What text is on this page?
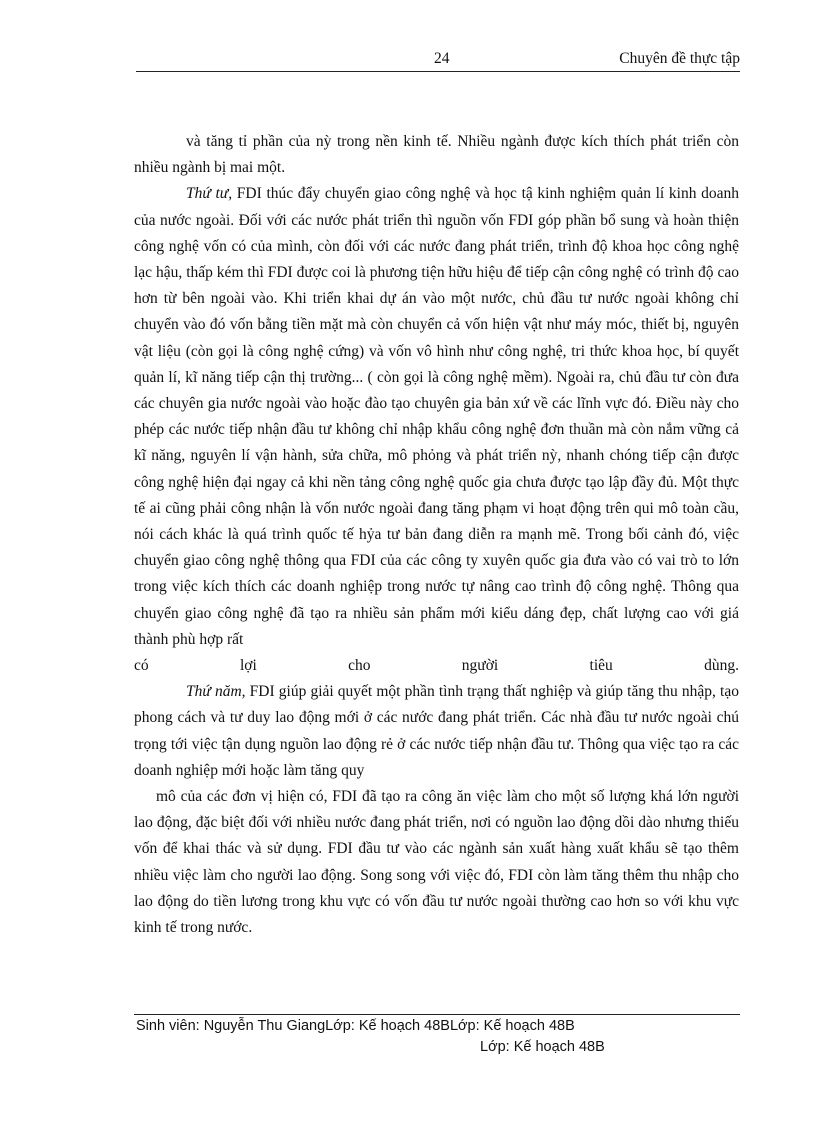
24	Chuyên đề thực tập

và tăng tỉ phần của nỳ trong nền kinh tế. Nhiều ngành được kích thích phát triển còn nhiều ngành bị mai một.

Thứ tư, FDI thúc đẩy chuyển giao công nghệ và học tậ kinh nghiệm quản lí kinh doanh của nước ngoài. Đối với các nước phát triển thì nguồn vốn FDI góp phần bổ sung và hoàn thiện công nghệ vốn có của mình, còn đối với các nước đang phát triển, trình độ khoa học công nghệ lạc hậu, thấp kém thì FDI được coi là phương tiện hữu hiệu để tiếp cận công nghệ có trình độ cao hơn từ bên ngoài vào. Khi triển khai dự án vào một nước, chủ đầu tư nước ngoài không chỉ chuyển vào đó vốn bằng tiền mặt mà còn chuyển cả vốn hiện vật như máy móc, thiết bị, nguyên vật liệu (còn gọi là công nghệ cứng) và vốn vô hình như công nghệ, tri thức khoa học, bí quyết quản lí, kĩ năng tiếp cận thị trường... ( còn gọi là công nghệ mềm). Ngoài ra, chủ đầu tư còn đưa các chuyên gia nước ngoài vào hoặc đào tạo chuyên gia bản xứ về các lĩnh vực đó. Điều này cho phép các nước tiếp nhận đầu tư không chỉ nhập khẩu công nghệ đơn thuần mà còn nắm vững cả kĩ năng, nguyên lí vận hành, sửa chữa, mô phỏng và phát triển nỳ, nhanh chóng tiếp cận được công nghệ hiện đại ngay cả khi nền tảng công nghệ quốc gia chưa được tạo lập đầy đủ. Một thực tế ai cũng phải công nhận là vốn nước ngoài đang tăng phạm vi hoạt động trên qui mô toàn cầu, nói cách khác là quá trình quốc tế hỷa tư bản đang diễn ra mạnh mẽ. Trong bối cảnh đó, việc chuyển giao công nghệ thông qua FDI của các công ty xuyên quốc gia đưa vào có vai trò to lớn trong việc kích thích các doanh nghiệp trong nước tự nâng cao trình độ công nghệ. Thông qua chuyển giao công nghệ đã tạo ra nhiều sản phẩm mới kiểu dáng đẹp, chất lượng cao với giá thành phù hợp rất

có lợi cho người tiêu dùng.

Thứ năm, FDI giúp giải quyết một phần tình trạng thất nghiệp và giúp tăng thu nhập, tạo phong cách và tư duy lao động mới ở các nước đang phát triển. Các nhà đầu tư nước ngoài chú trọng tới việc tận dụng nguồn lao động rẻ ở các nước tiếp nhận đầu tư. Thông qua việc tạo ra các doanh nghiệp mới hoặc làm tăng quy

mô của các đơn vị hiện có, FDI đã tạo ra công ăn việc làm cho một số lượng khá lớn người lao động, đặc biệt đối với nhiều nước đang phát triển, nơi có nguồn lao động dồi dào nhưng thiếu vốn để khai thác và sử dụng. FDI đầu tư vào các ngành sản xuất hàng xuất khẩu sẽ tạo thêm nhiều việc làm cho người lao động. Song song với việc đó, FDI còn làm tăng thêm thu nhập cho lao động do tiền lương trong khu vực có vốn đầu tư nước ngoài thường cao hơn so với khu vực kinh tế trong nước.

Sinh viên: Nguyễn Thu GiangLớp: Kế hoạch 48BLớp: Kế hoạch 48B
Lớp: Kế hoạch 48B
